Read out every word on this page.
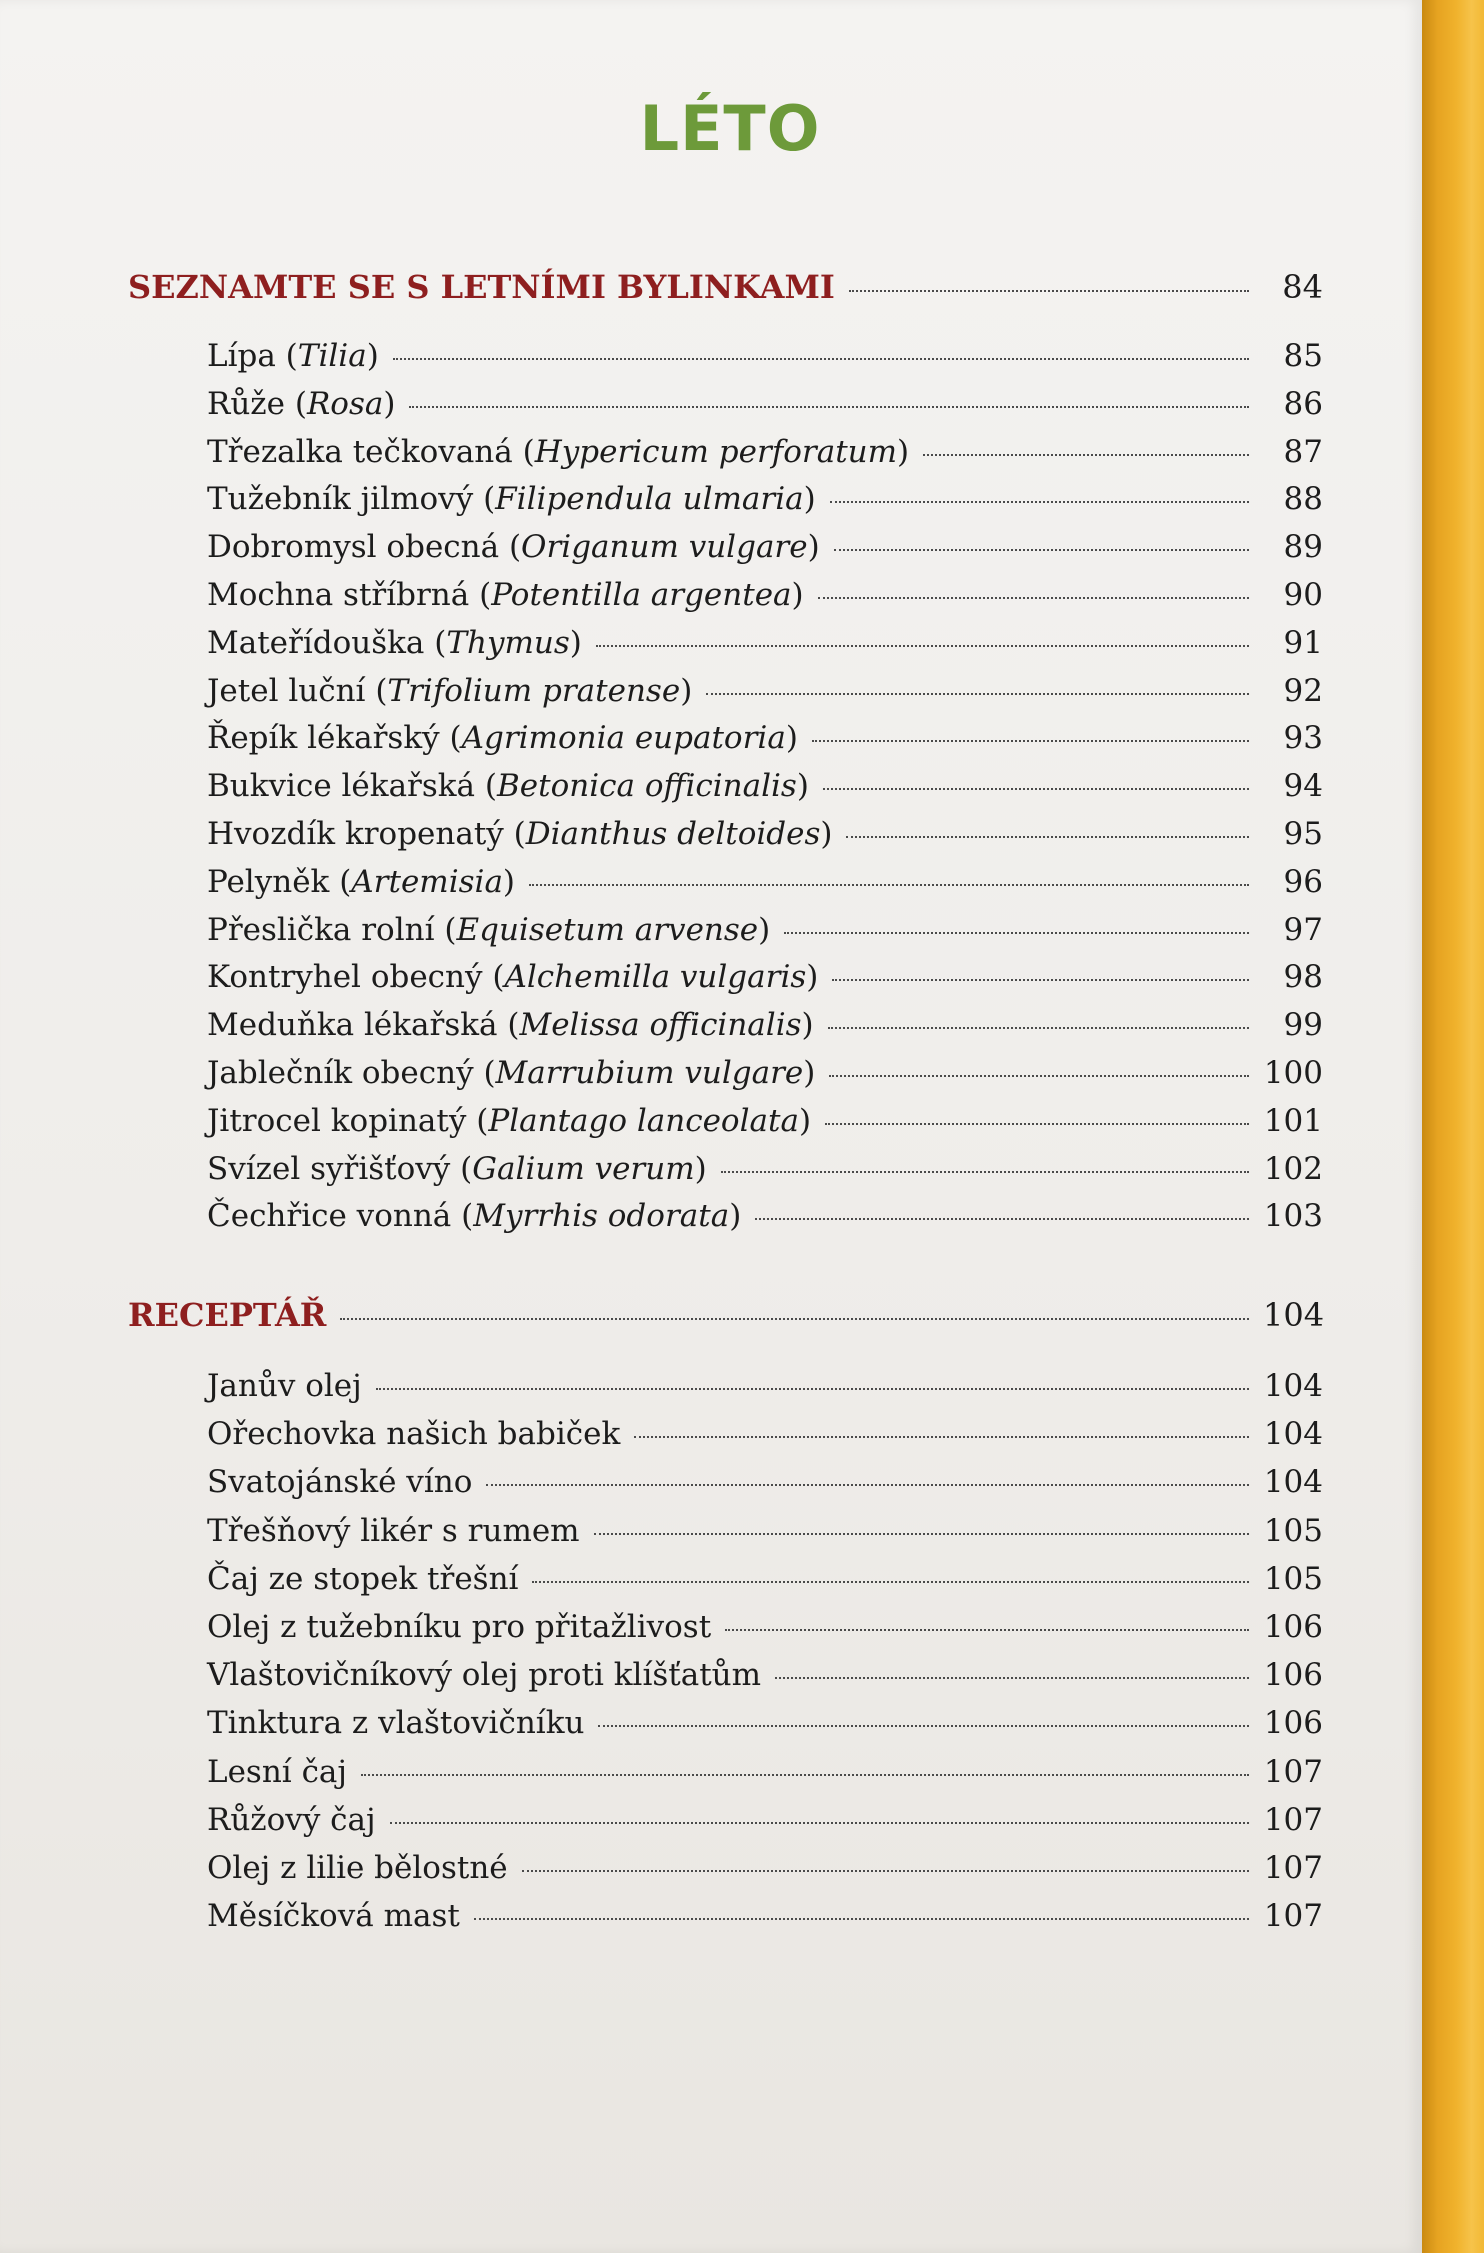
LÉTO
SEZNAMTE SE S LETNÍMI BYLINKAMI	84
Lípa (Tilia)	85
Růže (Rosa)	86
Třezalka tečkovaná (Hypericum perforatum)	87
Tužebník jilmový (Filipendula ulmaria)	88
Dobromysl obecná (Origanum vulgare)	89
Mochna stříbrná (Potentilla argentea)	90
Mateřídouška (Thymus)	91
Jetel luční (Trifolium pratense)	92
Řepík lékařský (Agrimonia eupatoria)	93
Bukvice lékařská (Betonica officinalis)	94
Hvozdík kropenatý (Dianthus deltoides)	95
Pelyněk (Artemisia)	96
Přeslička rolní (Equisetum arvense)	97
Kontryhel obecný (Alchemilla vulgaris)	98
Meduňka lékařská (Melissa officinalis)	99
Jablečník obecný (Marrubium vulgare)	100
Jitrocel kopinatý (Plantago lanceolata)	101
Svízel syřišťový (Galium verum)	102
Čechřice vonná (Myrrhis odorata)	103
RECEPTÁŘ	104
Janův olej	104
Ořechovka našich babiček	104
Svatojánské víno	104
Třešňový likér s rumem	105
Čaj ze stopek třešní	105
Olej z tužebníku pro přitažlivost	106
Vlaštovičníkový olej proti klíšťatům	106
Tinktura z vlaštovičníku	106
Lesní čaj	107
Růžový čaj	107
Olej z lilie bělostné	107
Měsíčková mast	107
